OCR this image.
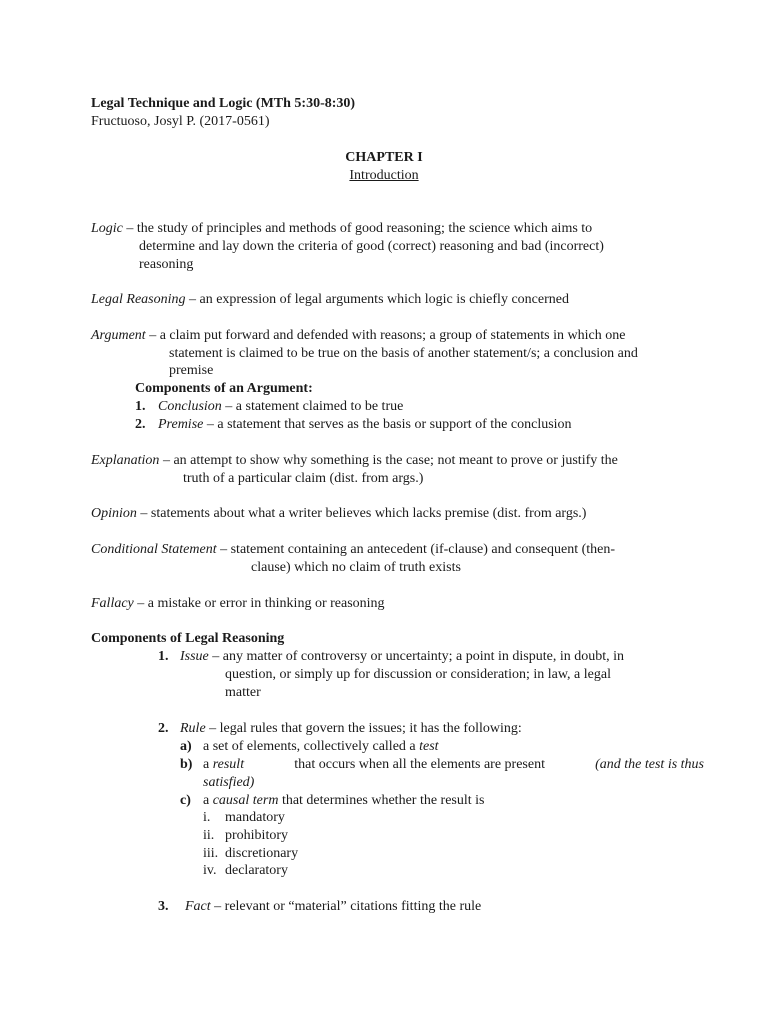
Legal Technique and Logic (MTh 5:30-8:30)
Fructuoso, Josyl P. (2017-0561)
CHAPTER I
Introduction
Logic – the study of principles and methods of good reasoning; the science which aims to
determine and lay down the criteria of good (correct) reasoning and bad (incorrect)
reasoning
Legal Reasoning – an expression of legal arguments which logic is chiefly concerned
Argument – a claim put forward and defended with reasons; a group of statements in which one
statement is claimed to be true on the basis of another statement/s; a conclusion and
premise
Components of an Argument:
1. Conclusion – a statement claimed to be true
2. Premise – a statement that serves as the basis or support of the conclusion
Explanation – an attempt to show why something is the case; not meant to prove or justify the
truth of a particular claim (dist. from args.)
Opinion – statements about what a writer believes which lacks premise (dist. from args.)
Conditional Statement – statement containing an antecedent (if-clause) and consequent (then-
clause) which no claim of truth exists
Fallacy – a mistake or error in thinking or reasoning
Components of Legal Reasoning
1. Issue – any matter of controversy or uncertainty; a point in dispute, in doubt, in
question, or simply up for discussion or consideration; in law, a legal
matter
2. Rule – legal rules that govern the issues; it has the following:
a) a set of elements, collectively called a test
b) a result	that occurs when all the elements are present	(and the test is thus
satisfied)
c) a causal term that determines whether the result is
i. mandatory
ii. prohibitory
iii. discretionary
iv. declaratory
3. Fact – relevant or “material” citations fitting the rule
